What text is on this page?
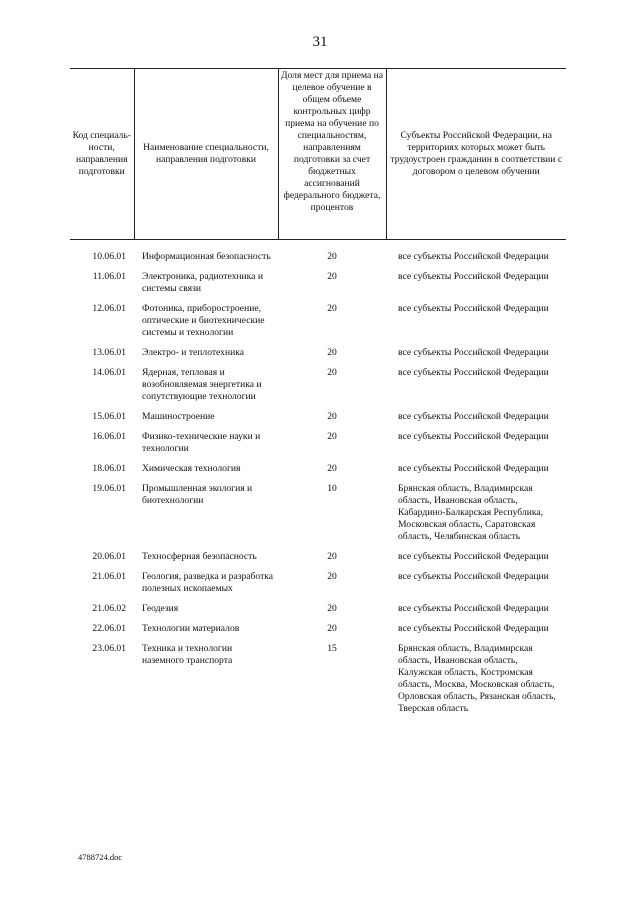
31
Код специаль-ности, направления подготовки	Наименование специальности, направления подготовки	Доля мест для приема на целевое обучение в общем объеме контрольных цифр приема на обучение по специальностям, направлениям подготовки за счет бюджетных ассигнований федерального бюджета, процентов	Субъекты Российской Федерации, на территориях которых может быть трудоустроен гражданин в соответствии с договором о целевом обучении
10.06.01	Информационная безопасность	20	все субъекты Российской Федерации
11.06.01	Электроника, радиотехника и системы связи	20	все субъекты Российской Федерации
12.06.01	Фотоника, приборостроение, оптические и биотехнические системы и технологии	20	все субъекты Российской Федерации
13.06.01	Электро- и теплотехника	20	все субъекты Российской Федерации
14.06.01	Ядерная, тепловая и возобновляемая энергетика и сопутствующие технологии	20	все субъекты Российской Федерации
15.06.01	Машиностроение	20	все субъекты Российской Федерации
16.06.01	Физико-технические науки и технологии	20	все субъекты Российской Федерации
18.06.01	Химическая технология	20	все субъекты Российской Федерации
19.06.01	Промышленная экология и биотехнологии	10	Брянская область, Владимирская область, Ивановская область, Кабардино-Балкарская Республика, Московская область, Саратовская область, Челябинская область
20.06.01	Техносферная безопасность	20	все субъекты Российской Федерации
21.06.01	Геология, разведка и разработка полезных ископаемых	20	все субъекты Российской Федерации
21.06.02	Геодезия	20	все субъекты Российской Федерации
22.06.01	Технологии материалов	20	все субъекты Российской Федерации
23.06.01	Техника и технологии наземного транспорта	15	Брянская область, Владимирская область, Ивановская область, Калужская область, Костромская область, Москва, Московская область, Орловская область, Рязанская область, Тверская область
4788724.doc
